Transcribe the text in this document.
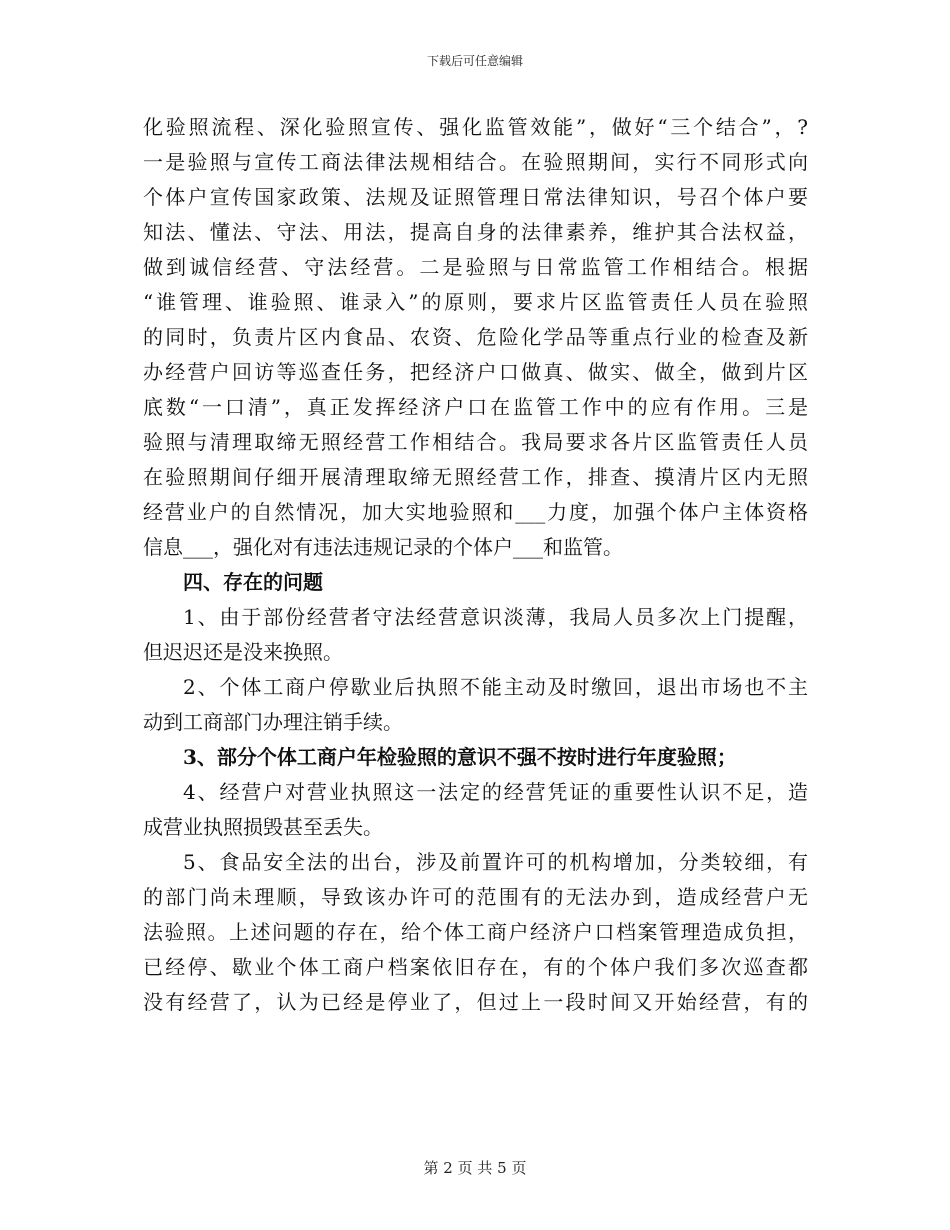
下载后可任意编辑
化验照流程、深化验照宣传、强化监管效能”，做好“三个结合”，?
一是验照与宣传工商法律法规相结合。在验照期间，实行不同形式向
个体户宣传国家政策、法规及证照管理日常法律知识，号召个体户要
知法、懂法、守法、用法，提高自身的法律素养，维护其合法权益，
做到诚信经营、守法经营。二是验照与日常监管工作相结合。根据
“谁管理、谁验照、谁录入”的原则，要求片区监管责任人员在验照
的同时，负责片区内食品、农资、危险化学品等重点行业的检查及新
办经营户回访等巡查任务，把经济户口做真、做实、做全，做到片区
底数“一口清”，真正发挥经济户口在监管工作中的应有作用。三是
验照与清理取缔无照经营工作相结合。我局要求各片区监管责任人员
在验照期间仔细开展清理取缔无照经营工作，排查、摸清片区内无照
经营业户的自然情况，加大实地验照和___力度，加强个体户主体资格
信息___，强化对有违法违规记录的个体户___和监管。
四、存在的问题
1、由于部份经营者守法经营意识淡薄，我局人员多次上门提醒，
但迟迟还是没来换照。
2、个体工商户停歇业后执照不能主动及时缴回，退出市场也不主
动到工商部门办理注销手续。
3、部分个体工商户年检验照的意识不强不按时进行年度验照；
4、经营户对营业执照这一法定的经营凭证的重要性认识不足，造
成营业执照损毁甚至丢失。
5、食品安全法的出台，涉及前置许可的机构增加，分类较细，有
的部门尚未理顺，导致该办许可的范围有的无法办到，造成经营户无
法验照。上述问题的存在，给个体工商户经济户口档案管理造成负担，
已经停、歇业个体工商户档案依旧存在，有的个体户我们多次巡查都
没有经营了，认为已经是停业了，但过上一段时间又开始经营，有的
第 2 页 共 5 页
